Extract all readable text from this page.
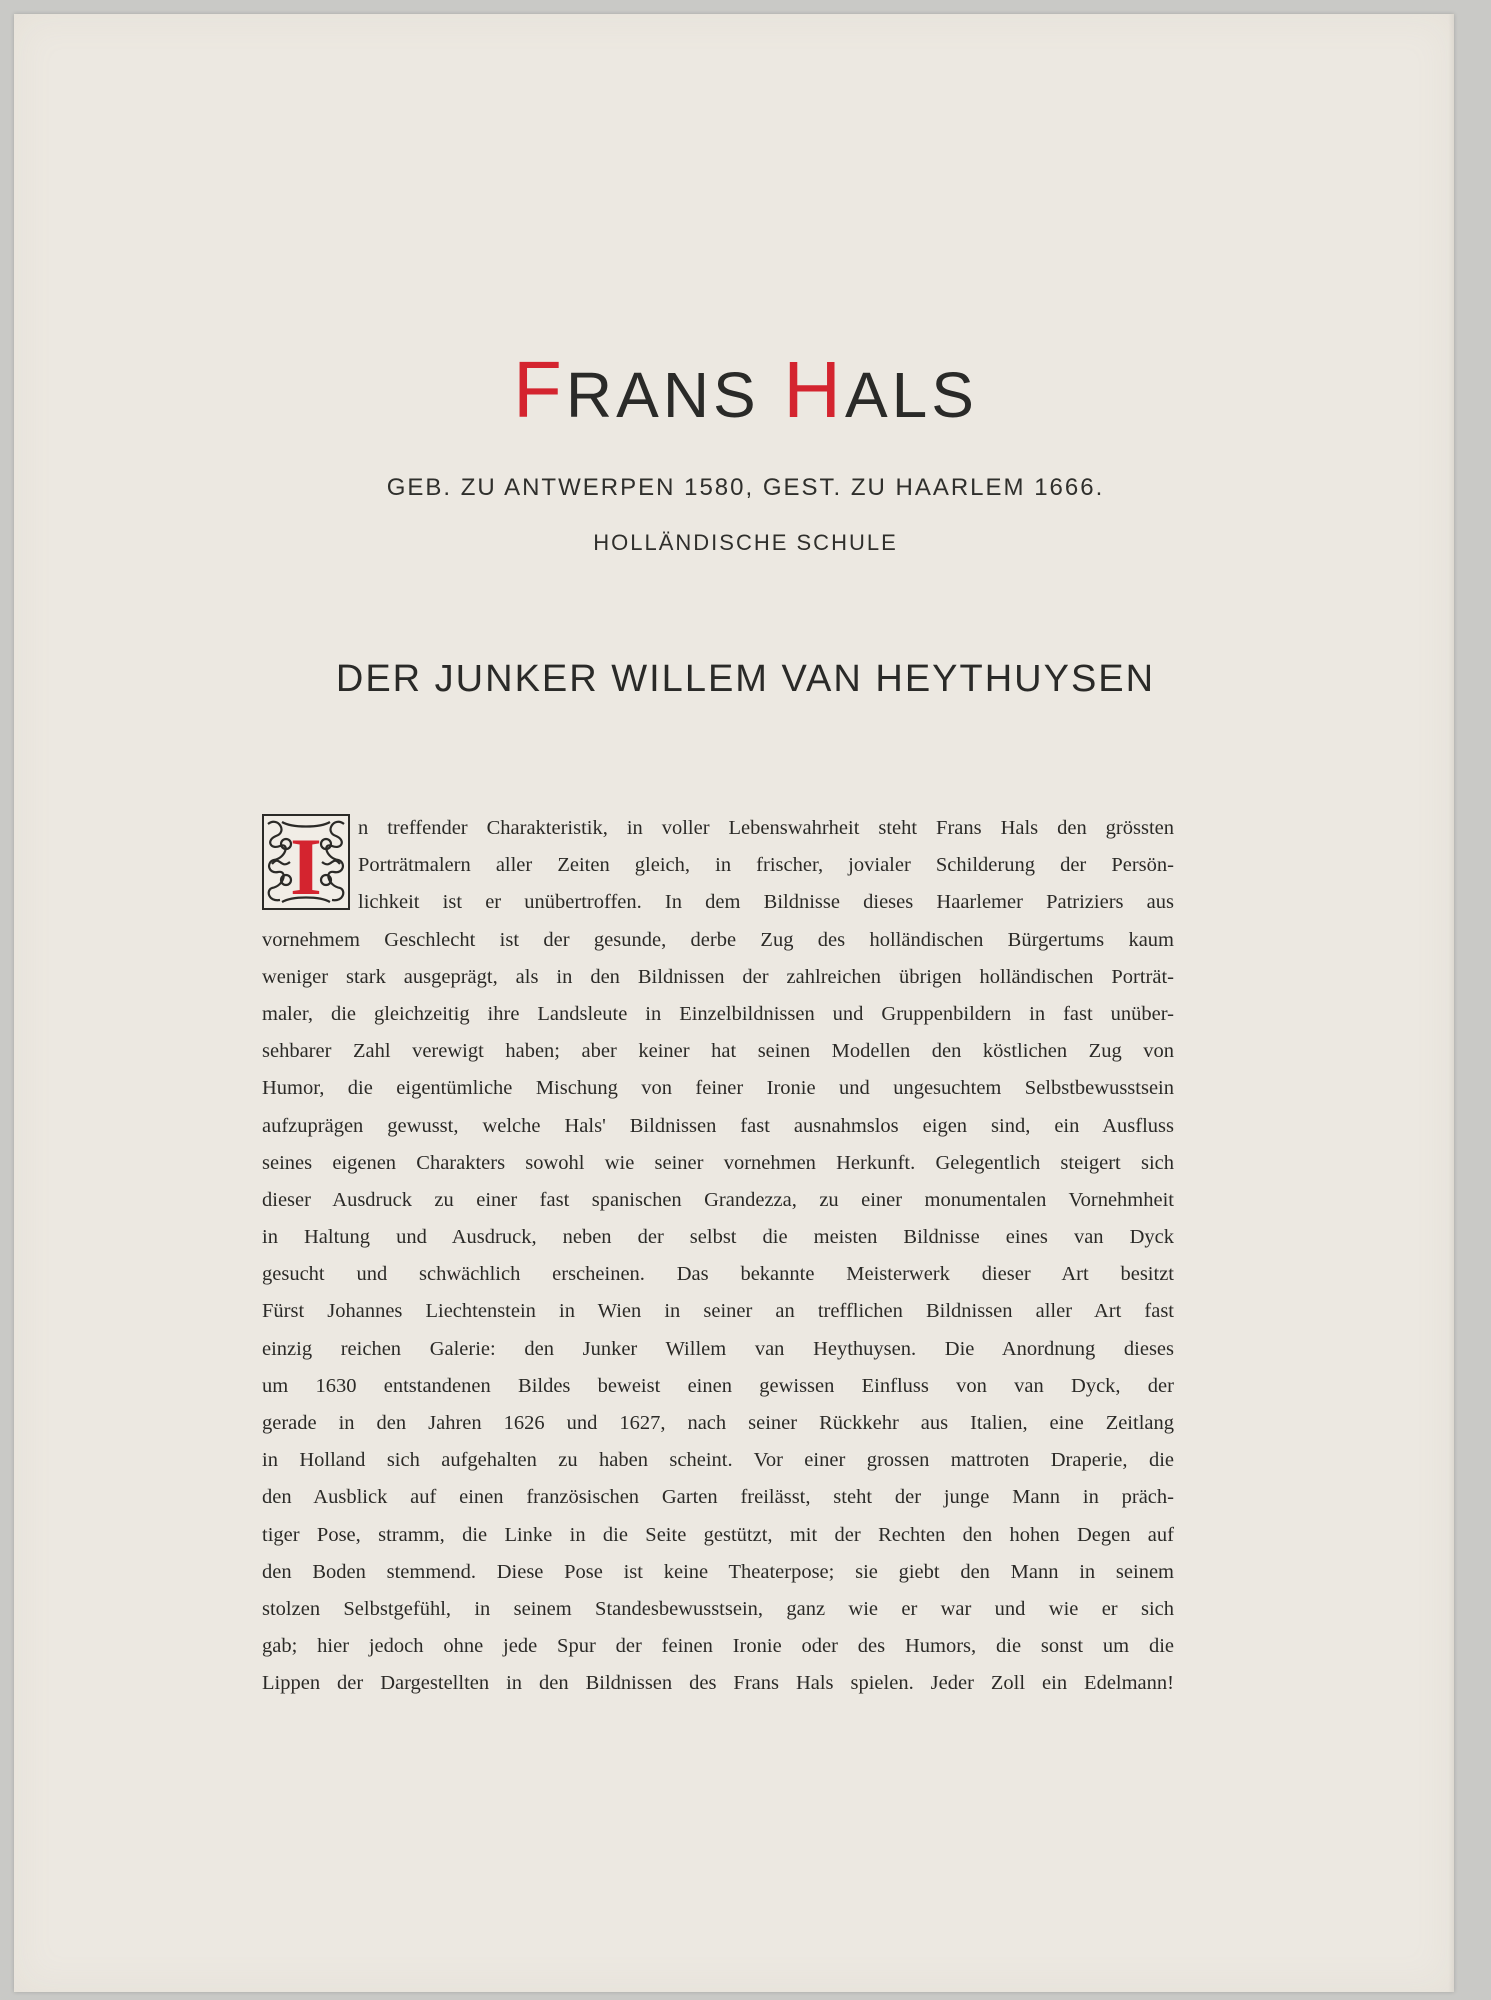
FRANS HALS
GEB. ZU ANTWERPEN 1580, GEST. ZU HAARLEM 1666.
HOLLÄNDISCHE SCHULE
DER JUNKER WILLEM VAN HEYTHUYSEN
I	n treffender Charakteristik, in voller Lebenswahrheit steht Frans Hals den grössten
Porträtmalern aller Zeiten gleich, in frischer, jovialer Schilderung der Persön-
lichkeit ist er unübertroffen. In dem Bildnisse dieses Haarlemer Patriziers aus
vornehmem Geschlecht ist der gesunde, derbe Zug des holländischen Bürgertums kaum
weniger stark ausgeprägt, als in den Bildnissen der zahlreichen übrigen holländischen Porträt-
maler, die gleichzeitig ihre Landsleute in Einzelbildnissen und Gruppenbildern in fast unüber-
sehbarer Zahl verewigt haben; aber keiner hat seinen Modellen den köstlichen Zug von
Humor, die eigentümliche Mischung von feiner Ironie und ungesuchtem Selbstbewusstsein
aufzuprägen gewusst, welche Hals' Bildnissen fast ausnahmslos eigen sind, ein Ausfluss
seines eigenen Charakters sowohl wie seiner vornehmen Herkunft. Gelegentlich steigert sich
dieser Ausdruck zu einer fast spanischen Grandezza, zu einer monumentalen Vornehmheit
in Haltung und Ausdruck, neben der selbst die meisten Bildnisse eines van Dyck
gesucht und schwächlich erscheinen. Das bekannte Meisterwerk dieser Art besitzt
Fürst Johannes Liechtenstein in Wien in seiner an trefflichen Bildnissen aller Art fast
einzig reichen Galerie: den Junker Willem van Heythuysen. Die Anordnung dieses
um 1630 entstandenen Bildes beweist einen gewissen Einfluss von van Dyck, der
gerade in den Jahren 1626 und 1627, nach seiner Rückkehr aus Italien, eine Zeitlang
in Holland sich aufgehalten zu haben scheint. Vor einer grossen mattroten Draperie, die
den Ausblick auf einen französischen Garten freilässt, steht der junge Mann in präch-
tiger Pose, stramm, die Linke in die Seite gestützt, mit der Rechten den hohen Degen auf
den Boden stemmend. Diese Pose ist keine Theaterpose; sie giebt den Mann in seinem
stolzen Selbstgefühl, in seinem Standesbewusstsein, ganz wie er war und wie er sich
gab; hier jedoch ohne jede Spur der feinen Ironie oder des Humors, die sonst um die
Lippen der Dargestellten in den Bildnissen des Frans Hals spielen. Jeder Zoll ein Edelmann!
